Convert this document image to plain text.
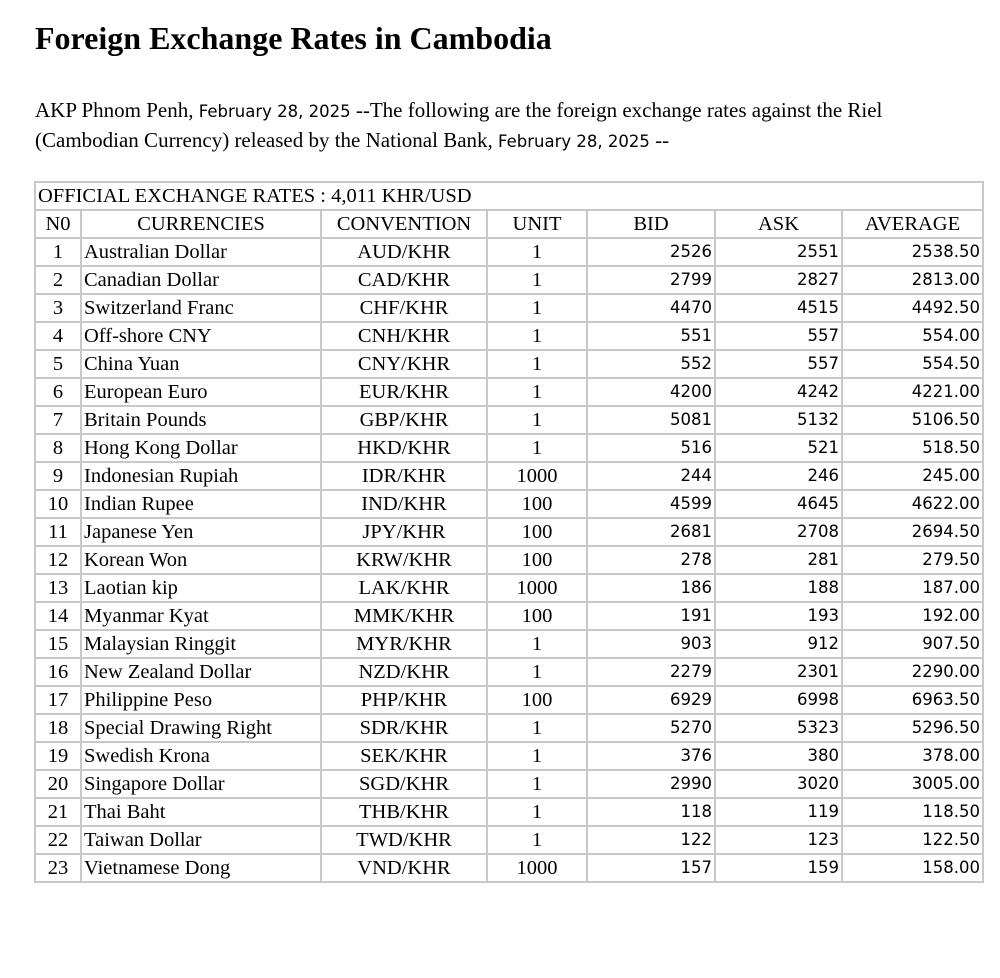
Foreign Exchange Rates in Cambodia

AKP Phnom Penh, February 28, 2025 --The following are the foreign exchange rates against the Riel (Cambodian Currency) released by the National Bank, February 28, 2025 --

OFFICIAL EXCHANGE RATES : 4,011 KHR/USD						
N0	CURRENCIES	CONVENTION	UNIT	BID	ASK	AVERAGE
1	Australian Dollar	AUD/KHR	1	2526	2551	2538.50
2	Canadian Dollar	CAD/KHR	1	2799	2827	2813.00
3	Switzerland Franc	CHF/KHR	1	4470	4515	4492.50
4	Off-shore CNY	CNH/KHR	1	551	557	554.00
5	China Yuan	CNY/KHR	1	552	557	554.50
6	European Euro	EUR/KHR	1	4200	4242	4221.00
7	Britain Pounds	GBP/KHR	1	5081	5132	5106.50
8	Hong Kong Dollar	HKD/KHR	1	516	521	518.50
9	Indonesian Rupiah	IDR/KHR	1000	244	246	245.00
10	Indian Rupee	IND/KHR	100	4599	4645	4622.00
11	Japanese Yen	JPY/KHR	100	2681	2708	2694.50
12	Korean Won	KRW/KHR	100	278	281	279.50
13	Laotian kip	LAK/KHR	1000	186	188	187.00
14	Myanmar Kyat	MMK/KHR	100	191	193	192.00
15	Malaysian Ringgit	MYR/KHR	1	903	912	907.50
16	New Zealand Dollar	NZD/KHR	1	2279	2301	2290.00
17	Philippine Peso	PHP/KHR	100	6929	6998	6963.50
18	Special Drawing Right	SDR/KHR	1	5270	5323	5296.50
19	Swedish Krona	SEK/KHR	1	376	380	378.00
20	Singapore Dollar	SGD/KHR	1	2990	3020	3005.00
21	Thai Baht	THB/KHR	1	118	119	118.50
22	Taiwan Dollar	TWD/KHR	1	122	123	122.50
23	Vietnamese Dong	VND/KHR	1000	157	159	158.00
